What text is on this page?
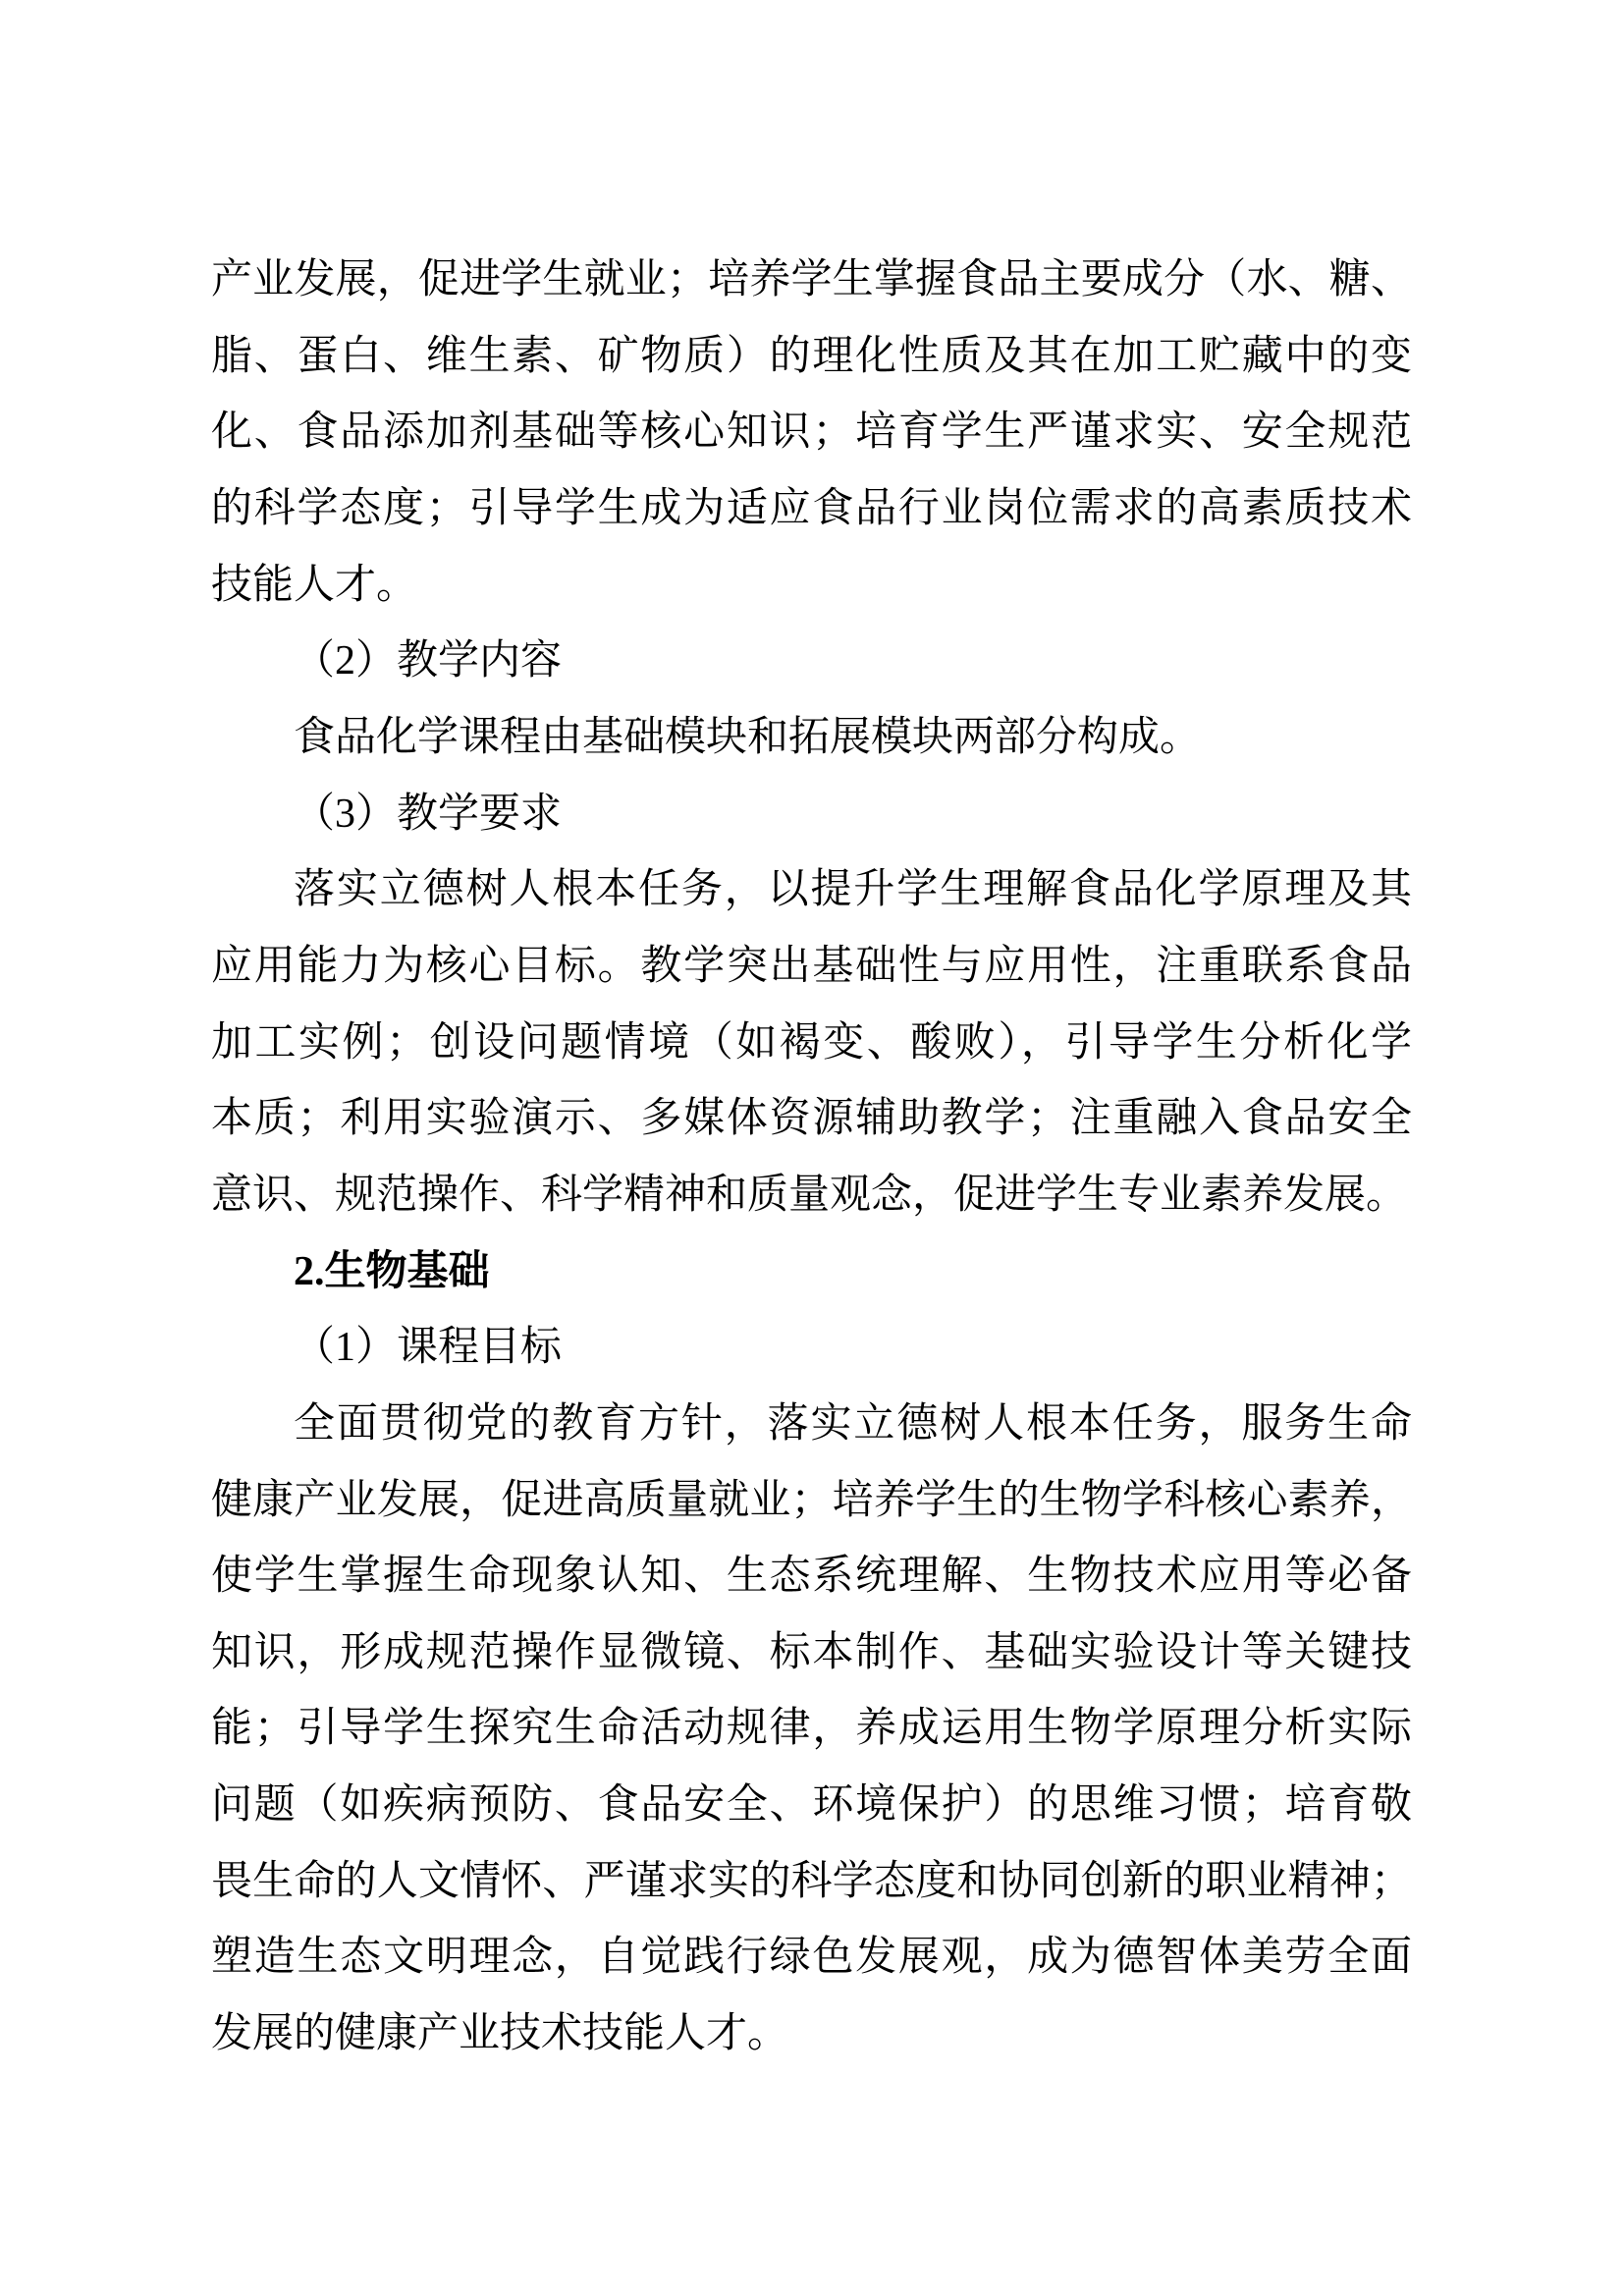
产业发展，促进学生就业；培养学生掌握食品主要成分（水、糖、
脂、蛋白、维生素、矿物质）的理化性质及其在加工贮藏中的变
化、食品添加剂基础等核心知识；培育学生严谨求实、安全规范
的科学态度；引导学生成为适应食品行业岗位需求的高素质技术
技能人才。
（2）教学内容
食品化学课程由基础模块和拓展模块两部分构成。
（3）教学要求
落实立德树人根本任务，以提升学生理解食品化学原理及其
应用能力为核心目标。教学突出基础性与应用性，注重联系食品
加工实例；创设问题情境（如褐变、酸败），引导学生分析化学
本质；利用实验演示、多媒体资源辅助教学；注重融入食品安全
意识、规范操作、科学精神和质量观念，促进学生专业素养发展。
2.生物基础
（1）课程目标
全面贯彻党的教育方针，落实立德树人根本任务，服务生命
健康产业发展，促进高质量就业；培养学生的生物学科核心素养，
使学生掌握生命现象认知、生态系统理解、生物技术应用等必备
知识，形成规范操作显微镜、标本制作、基础实验设计等关键技
能；引导学生探究生命活动规律，养成运用生物学原理分析实际
问题（如疾病预防、食品安全、环境保护）的思维习惯；培育敬
畏生命的人文情怀、严谨求实的科学态度和协同创新的职业精神；
塑造生态文明理念，自觉践行绿色发展观，成为德智体美劳全面
发展的健康产业技术技能人才。
